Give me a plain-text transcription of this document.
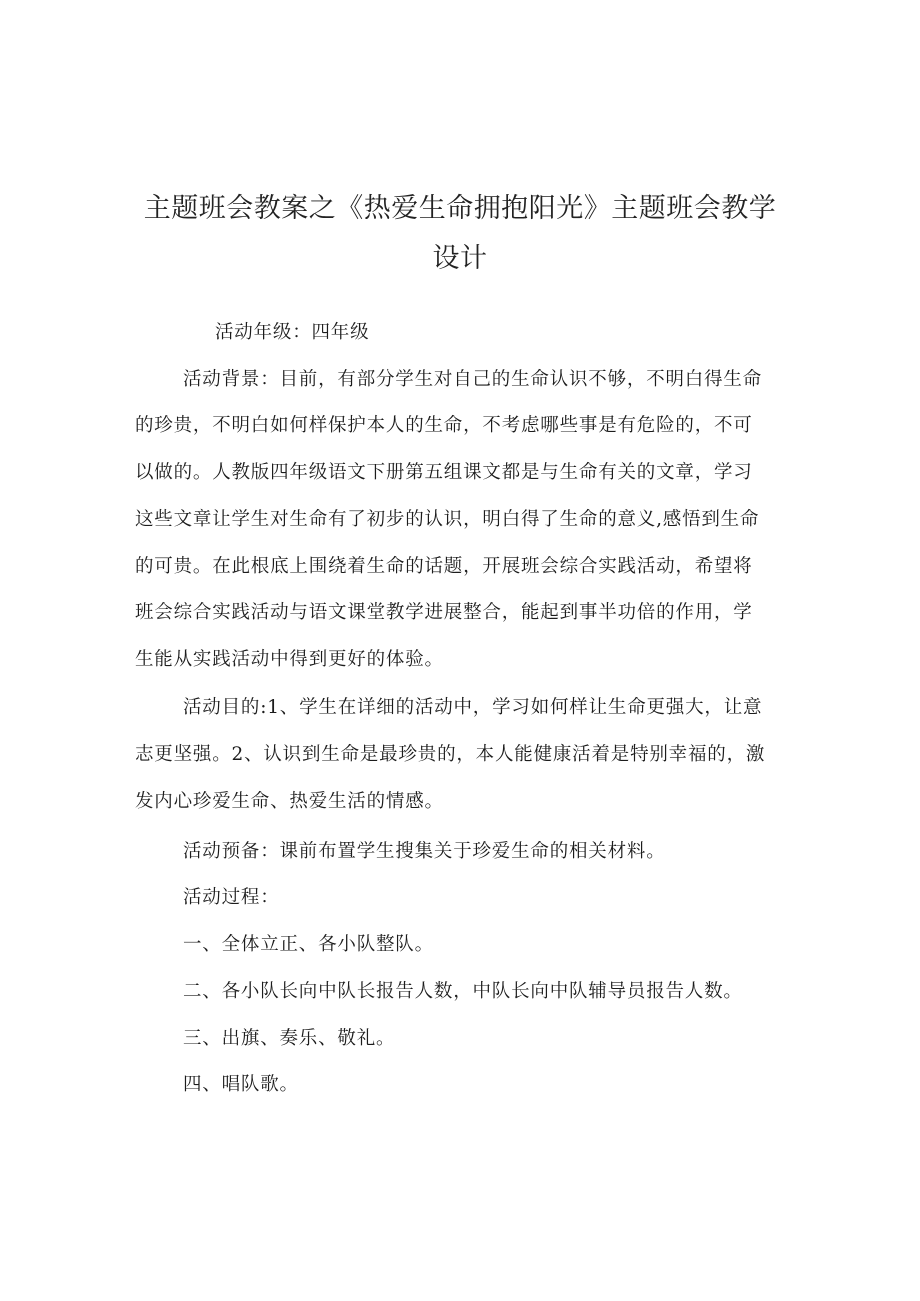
主题班会教案之《热爱生命拥抱阳光》主题班会教学
设计
活动年级：四年级
活动背景：目前，有部分学生对自己的生命认识不够，不明白得生命
的珍贵，不明白如何样保护本人的生命，不考虑哪些事是有危险的，不可
以做的。人教版四年级语文下册第五组课文都是与生命有关的文章，学习
这些文章让学生对生命有了初步的认识，明白得了生命的意义,感悟到生命
的可贵。在此根底上围绕着生命的话题，开展班会综合实践活动，希望将
班会综合实践活动与语文课堂教学进展整合，能起到事半功倍的作用，学
生能从实践活动中得到更好的体验。
活动目的:1、学生在详细的活动中，学习如何样让生命更强大，让意
志更坚强。2、认识到生命是最珍贵的，本人能健康活着是特别幸福的，激
发内心珍爱生命、热爱生活的情感。
活动预备：课前布置学生搜集关于珍爱生命的相关材料。
活动过程：
一、全体立正、各小队整队。
二、各小队长向中队长报告人数，中队长向中队辅导员报告人数。
三、出旗、奏乐、敬礼。
四、唱队歌。
